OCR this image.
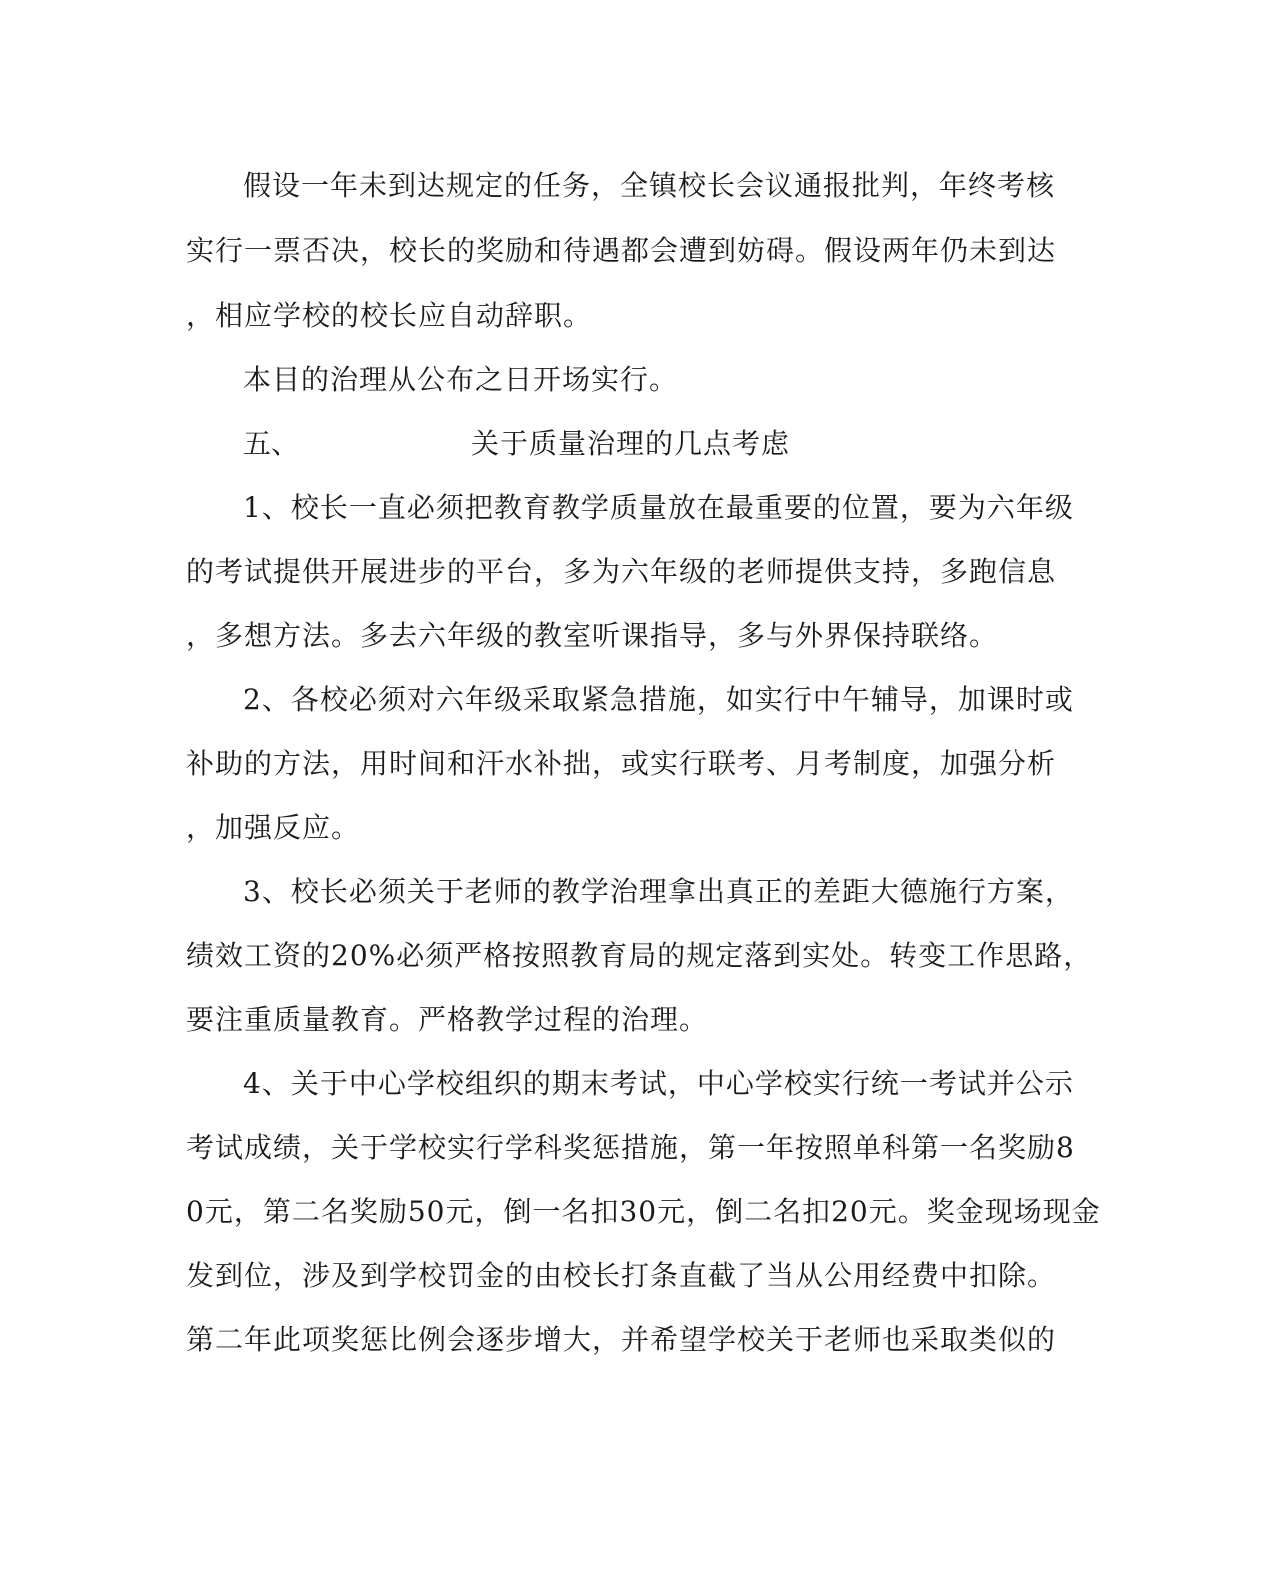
假设一年未到达规定的任务，全镇校长会议通报批判，年终考核
实行一票否决，校长的奖励和待遇都会遭到妨碍。假设两年仍未到达
，相应学校的校长应自动辞职。
本目的治理从公布之日开场实行。
五、	关于质量治理的几点考虑
1、校长一直必须把教育教学质量放在最重要的位置，要为六年级
的考试提供开展进步的平台，多为六年级的老师提供支持，多跑信息
，多想方法。多去六年级的教室听课指导，多与外界保持联络。
2、各校必须对六年级采取紧急措施，如实行中午辅导，加课时或
补助的方法，用时间和汗水补拙，或实行联考、月考制度，加强分析
，加强反应。
3、校长必须关于老师的教学治理拿出真正的差距大德施行方案，
绩效工资的20%必须严格按照教育局的规定落到实处。转变工作思路，
要注重质量教育。严格教学过程的治理。
4、关于中心学校组织的期末考试，中心学校实行统一考试并公示
考试成绩，关于学校实行学科奖惩措施，第一年按照单科第一名奖励8
0元，第二名奖励50元，倒一名扣30元，倒二名扣20元。奖金现场现金
发到位，涉及到学校罚金的由校长打条直截了当从公用经费中扣除。
第二年此项奖惩比例会逐步增大，并希望学校关于老师也采取类似的
